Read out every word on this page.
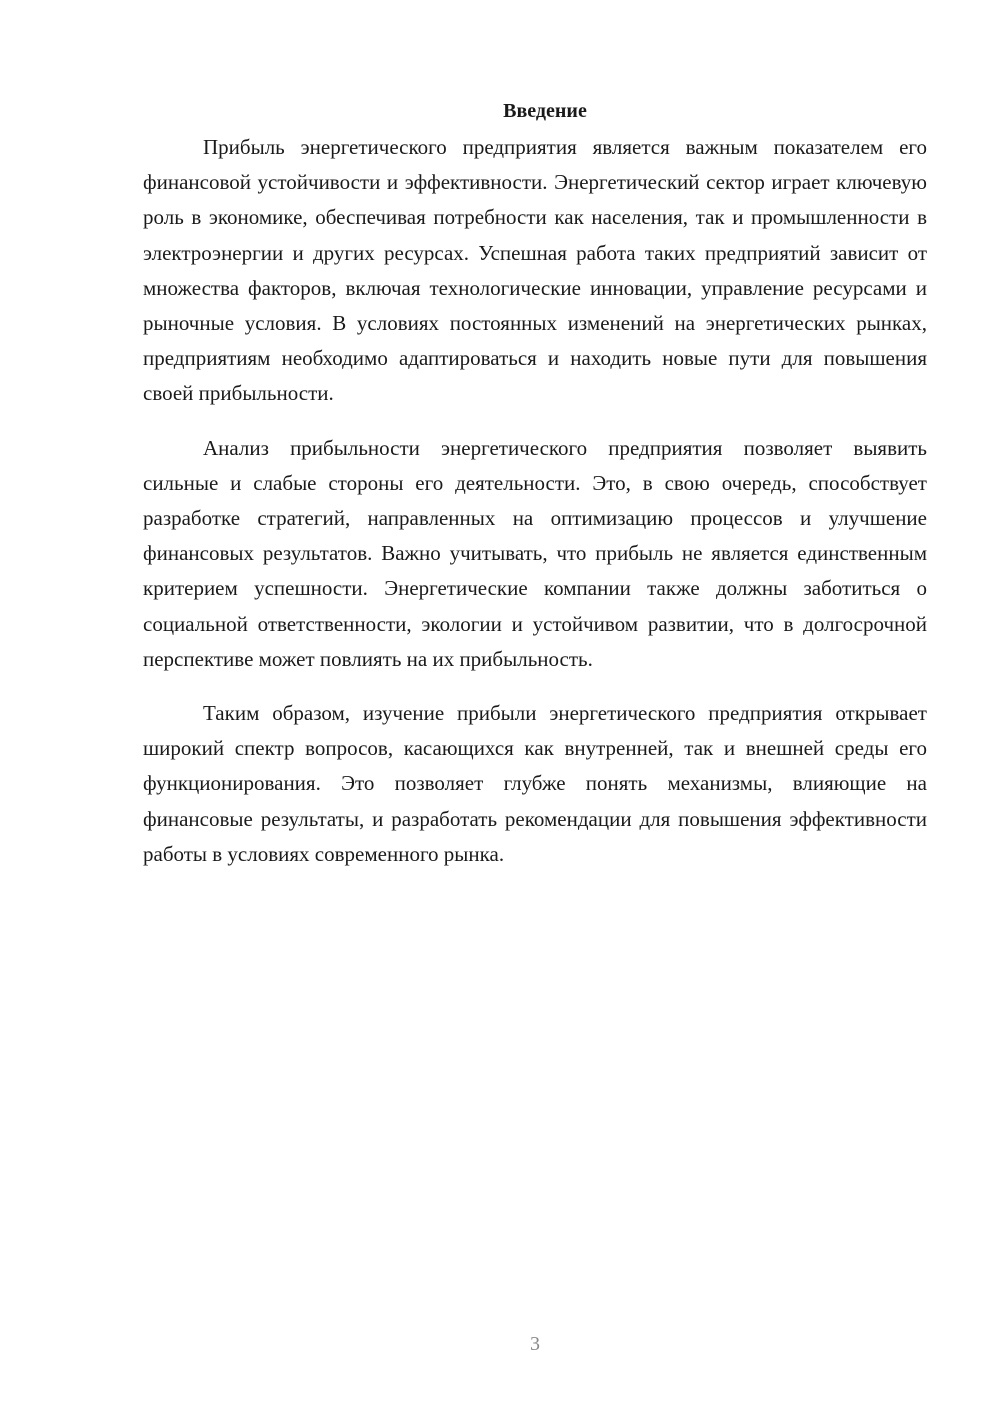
Введение

Прибыль энергетического предприятия является важным показателем его финансовой устойчивости и эффективности. Энергетический сектор играет ключевую роль в экономике, обеспечивая потребности как населения, так и промышленности в электроэнергии и других ресурсах. Успешная работа таких предприятий зависит от множества факторов, включая технологические инновации, управление ресурсами и рыночные условия. В условиях постоянных изменений на энергетических рынках, предприятиям необходимо адаптироваться и находить новые пути для повышения своей прибыльности.

Анализ прибыльности энергетического предприятия позволяет выявить сильные и слабые стороны его деятельности. Это, в свою очередь, способствует разработке стратегий, направленных на оптимизацию процессов и улучшение финансовых результатов. Важно учитывать, что прибыль не является единственным критерием успешности. Энергетические компании также должны заботиться о социальной ответственности, экологии и устойчивом развитии, что в долгосрочной перспективе может повлиять на их прибыльность.

Таким образом, изучение прибыли энергетического предприятия открывает широкий спектр вопросов, касающихся как внутренней, так и внешней среды его функционирования. Это позволяет глубже понять механизмы, влияющие на финансовые результаты, и разработать рекомендации для повышения эффективности работы в условиях современного рынка.

3
